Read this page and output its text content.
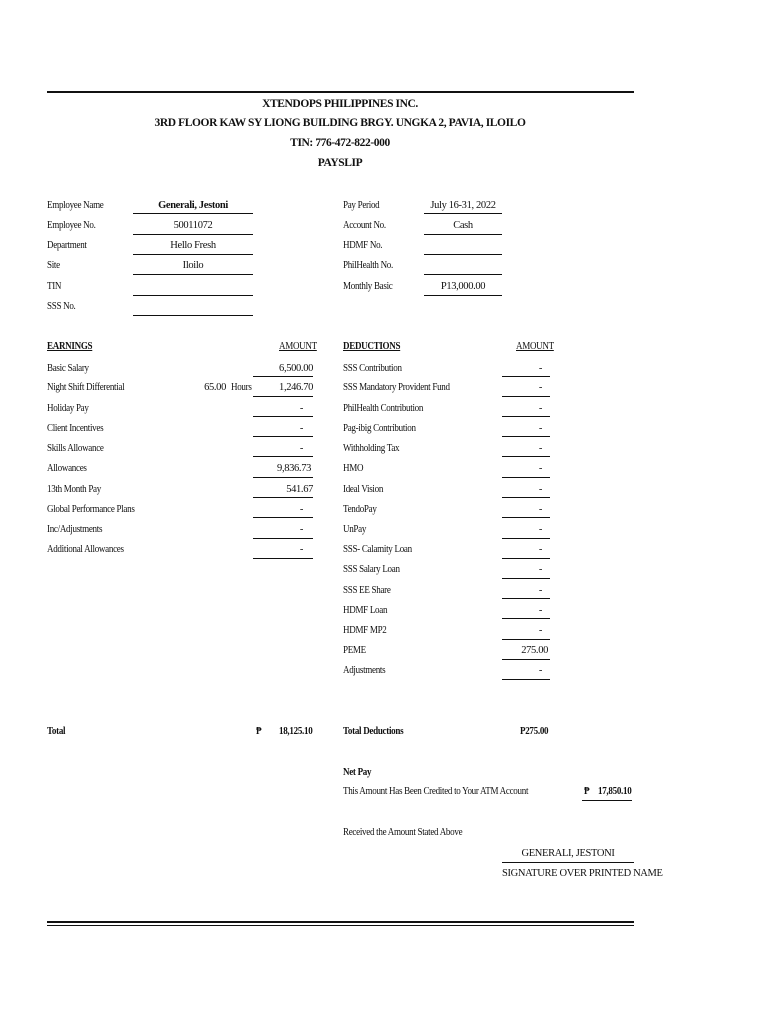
XTENDOPS PHILIPPINES INC.
3RD FLOOR KAW SY LIONG BUILDING BRGY. UNGKA 2, PAVIA, ILOILO
TIN: 776-472-822-000
PAYSLIP
Employee Name	Generali, Jestoni
Employee No.	50011072
Department	Hello Fresh
Site	Iloilo
TIN
SSS No.
Pay Period	July 16-31, 2022
Account No.	Cash
HDMF No.
PhilHealth No.
Monthly Basic	P13,000.00
EARNINGS	AMOUNT DEDUCTIONS	AMOUNT
Basic Salary	6,500.00
Night Shift Differential	65.00 Hours	1,246.70
Holiday Pay	-
Client Incentives	-
Skills Allowance	-
Allowances	9,836.73
13th Month Pay	541.67
Global Performance Plans	-
Inc/Adjustments	-
Additional Allowances	-
SSS Contribution	-
SSS Mandatory Provident Fund	-
PhilHealth Contribution	-
Pag-ibig Contribution	-
Withholding Tax	-
HMO	-
Ideal Vision	-
TendoPay	-
UnPay	-
SSS- Calamity Loan	-
SSS Salary Loan	-
SSS EE Share	-
HDMF Loan	-
HDMF MP2	-
PEME	275.00
Adjustments	-
Total	₱ 18,125.10	Total Deductions	P275.00
Net Pay
This Amount Has Been Credited to Your ATM Account	₱ 17,850.10
Received the Amount Stated Above
GENERALI, JESTONI
SIGNATURE OVER PRINTED NAME
